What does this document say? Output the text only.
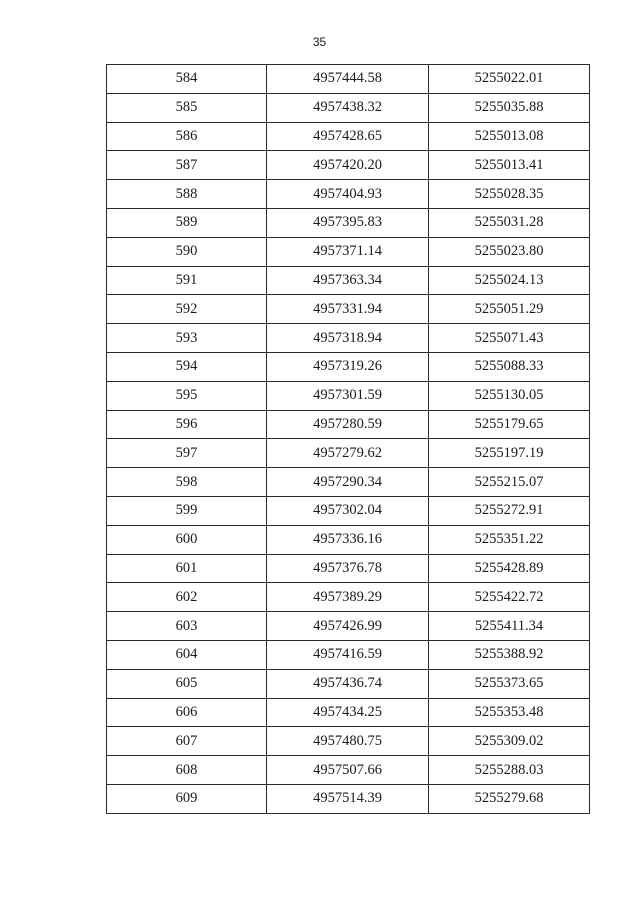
35
584	4957444.58	5255022.01
585	4957438.32	5255035.88
586	4957428.65	5255013.08
587	4957420.20	5255013.41
588	4957404.93	5255028.35
589	4957395.83	5255031.28
590	4957371.14	5255023.80
591	4957363.34	5255024.13
592	4957331.94	5255051.29
593	4957318.94	5255071.43
594	4957319.26	5255088.33
595	4957301.59	5255130.05
596	4957280.59	5255179.65
597	4957279.62	5255197.19
598	4957290.34	5255215.07
599	4957302.04	5255272.91
600	4957336.16	5255351.22
601	4957376.78	5255428.89
602	4957389.29	5255422.72
603	4957426.99	5255411.34
604	4957416.59	5255388.92
605	4957436.74	5255373.65
606	4957434.25	5255353.48
607	4957480.75	5255309.02
608	4957507.66	5255288.03
609	4957514.39	5255279.68
